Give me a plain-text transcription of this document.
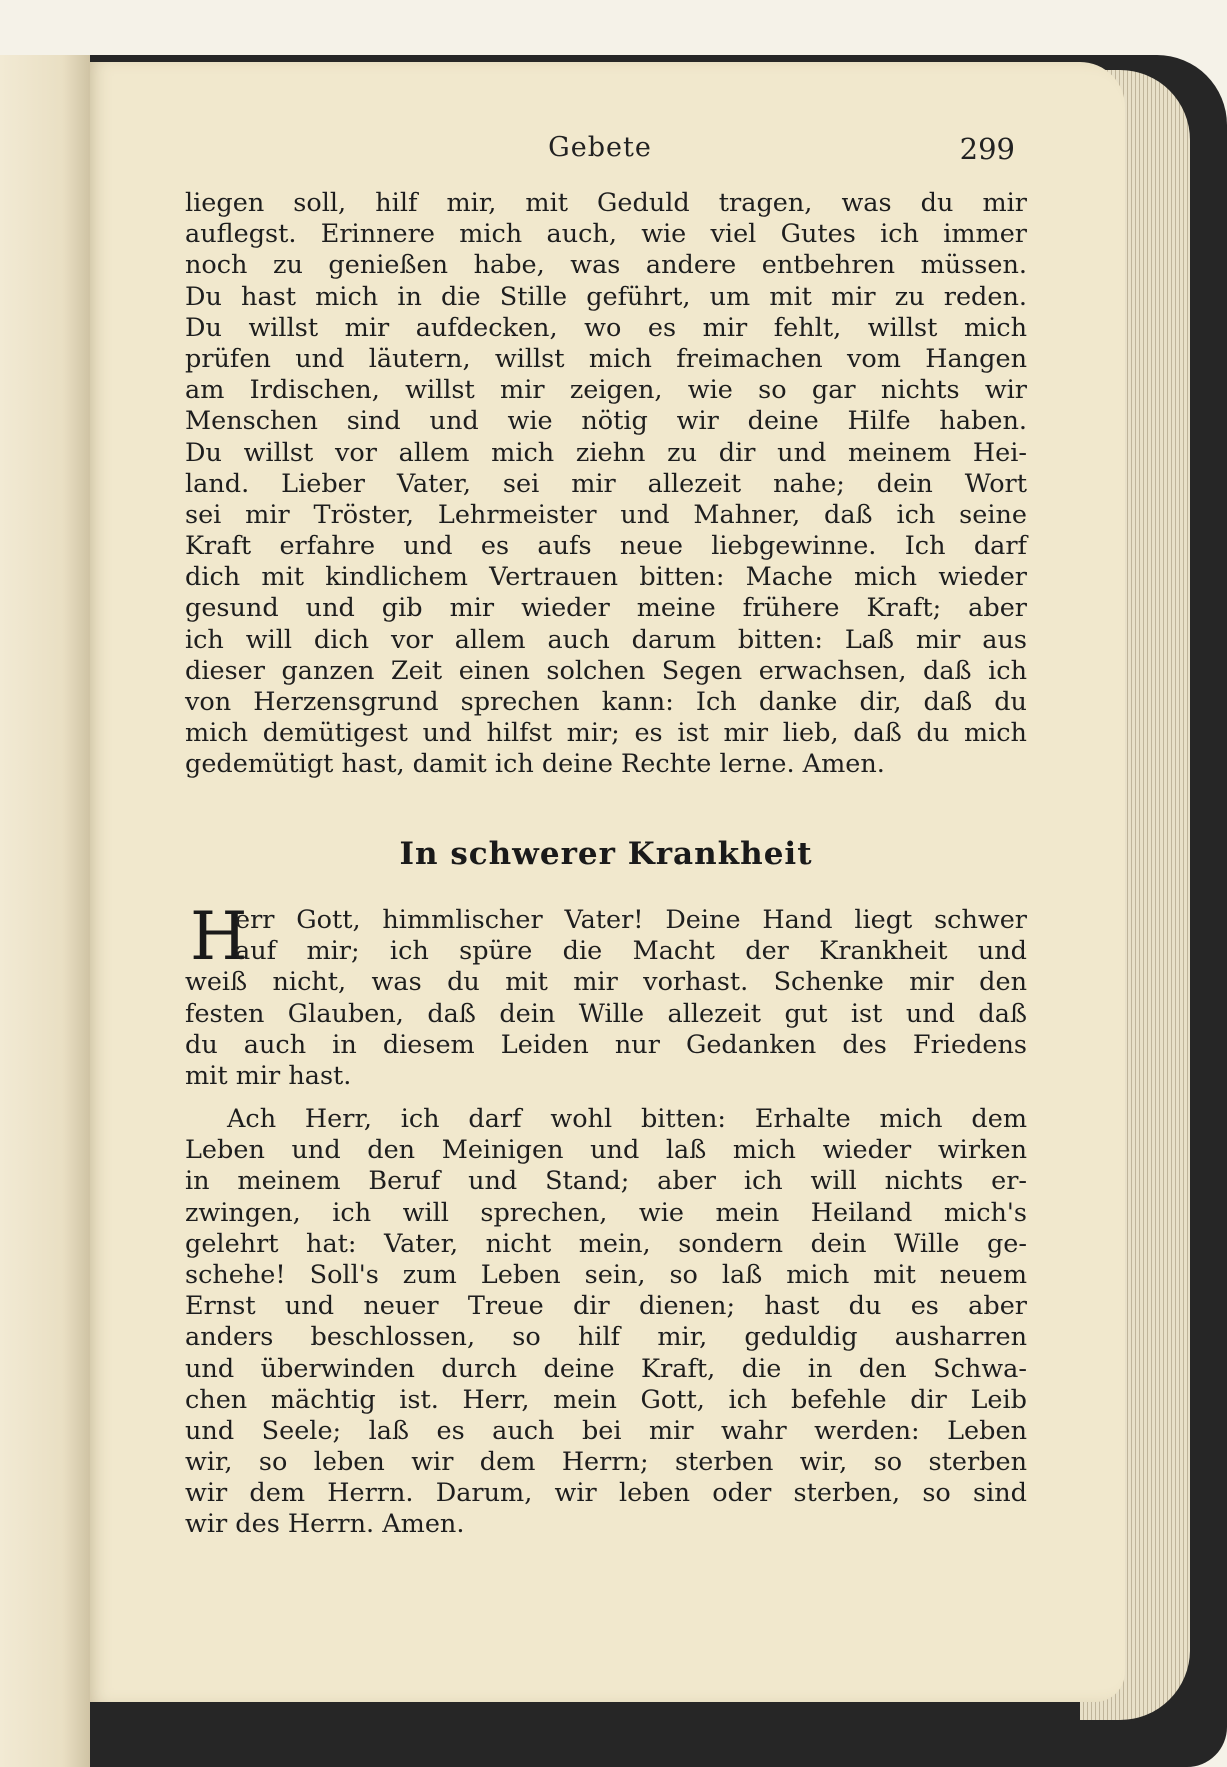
Gebete	299
liegen soll, hilf mir, mit Geduld tragen, was du mir
auflegst. Erinnere mich auch, wie viel Gutes ich immer
noch zu genießen habe, was andere entbehren müssen.
Du hast mich in die Stille geführt, um mit mir zu reden.
Du willst mir aufdecken, wo es mir fehlt, willst mich
prüfen und läutern, willst mich freimachen vom Hangen
am Irdischen, willst mir zeigen, wie so gar nichts wir
Menschen sind und wie nötig wir deine Hilfe haben.
Du willst vor allem mich ziehn zu dir und meinem Hei-
land. Lieber Vater, sei mir allezeit nahe; dein Wort
sei mir Tröster, Lehrmeister und Mahner, daß ich seine
Kraft erfahre und es aufs neue liebgewinne. Ich darf
dich mit kindlichem Vertrauen bitten: Mache mich wieder
gesund und gib mir wieder meine frühere Kraft; aber
ich will dich vor allem auch darum bitten: Laß mir aus
dieser ganzen Zeit einen solchen Segen erwachsen, daß ich
von Herzensgrund sprechen kann: Ich danke dir, daß du
mich demütigest und hilfst mir; es ist mir lieb, daß du mich
gedemütigt hast, damit ich deine Rechte lerne. Amen.
In schwerer Krankheit
H
err Gott, himmlischer Vater! Deine Hand liegt schwer
auf mir; ich spüre die Macht der Krankheit und
weiß nicht, was du mit mir vorhast. Schenke mir den
festen Glauben, daß dein Wille allezeit gut ist und daß
du auch in diesem Leiden nur Gedanken des Friedens
mit mir hast.
Ach Herr, ich darf wohl bitten: Erhalte mich dem
Leben und den Meinigen und laß mich wieder wirken
in meinem Beruf und Stand; aber ich will nichts er-
zwingen, ich will sprechen, wie mein Heiland mich's
gelehrt hat: Vater, nicht mein, sondern dein Wille ge-
schehe! Soll's zum Leben sein, so laß mich mit neuem
Ernst und neuer Treue dir dienen; hast du es aber
anders beschlossen, so hilf mir, geduldig ausharren
und überwinden durch deine Kraft, die in den Schwa-
chen mächtig ist. Herr, mein Gott, ich befehle dir Leib
und Seele; laß es auch bei mir wahr werden: Leben
wir, so leben wir dem Herrn; sterben wir, so sterben
wir dem Herrn. Darum, wir leben oder sterben, so sind
wir des Herrn. Amen.
